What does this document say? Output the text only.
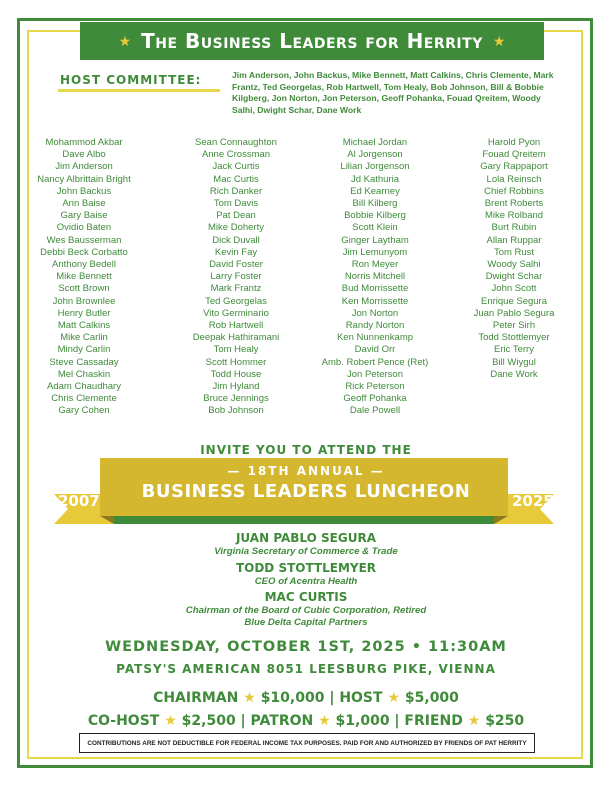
★ The Business Leaders for Herrity ★
HOST COMMITTEE:	Jim Anderson, John Backus, Mike Bennett, Matt Calkins, Chris Clemente, Mark Frantz, Ted Georgelas, Rob Hartwell, Tom Healy, Bob Johnson, Bill & Bobbie Kilgberg, Jon Norton, Jon Peterson, Geoff Pohanka, Fouad Qreitem, Woody Salhi, Dwight Schar, Dane Work
Mohammod Akbar
Dave Albo
Jim Anderson
Nancy Albrittain Bright
John Backus
Ann Baise
Gary Baise
Ovidio Baten
Wes Bausserman
Debbi Beck Corbatto
Anthony Bedell
Mike Bennett
Scott Brown
John Brownlee
Henry Butler
Matt Calkins
Mike Carlin
Mindy Carlin
Steve Cassaday
Mel Chaskin
Adam Chaudhary
Chris Clemente
Gary Cohen
Sean Connaughton
Anne Crossman
Jack Curtis
Mac Curtis
Rich Danker
Tom Davis
Pat Dean
Mike Doherty
Dick Duvall
Kevin Fay
David Foster
Larry Foster
Mark Frantz
Ted Georgelas
Vito Germinario
Rob Hartwell
Deepak Hathiramani
Tom Healy
Scott Hommer
Todd House
Jim Hyland
Bruce Jennings
Bob Johnson
Michael Jordan
Al Jorgenson
Lilian Jorgenson
Jd Kathuria
Ed Kearney
Bill Kilberg
Bobbie Kilberg
Scott Klein
Ginger Laytham
Jim Lemunyom
Ron Meyer
Norris Mitchell
Bud Morrissette
Ken Morrissette
Jon Norton
Randy Norton
Ken Nunnenkamp
David Orr
Amb. Robert Pence (Ret)
Jon Peterson
Rick Peterson
Geoff Pohanka
Dale Powell
Harold Pyon
Fouad Qreitem
Gary Rappaport
Lola Reinsch
Chief Robbins
Brent Roberts
Mike Rolband
Burt Rubin
Allan Ruppar
Tom Rust
Woody Salhi
Dwight Schar
John Scott
Enrique Segura
Juan Pablo Segura
Peter Sirh
Todd Stottlemyer
Eric Terry
Bill Wiygul
Dane Work
INVITE YOU TO ATTEND THE
— 18TH ANNUAL —
BUSINESS LEADERS LUNCHEON
2007	2025
JUAN PABLO SEGURA
Virginia Secretary of Commerce & Trade
TODD STOTTLEMYER
CEO of Acentra Health
MAC CURTIS
Chairman of the Board of Cubic Corporation, Retired
Blue Delta Capital Partners
WEDNESDAY, OCTOBER 1ST, 2025 • 11:30AM
PATSY'S AMERICAN 8051 LEESBURG PIKE, VIENNA
CHAIRMAN ★ $10,000 | HOST ★ $5,000
CO-HOST ★ $2,500 | PATRON ★ $1,000 | FRIEND ★ $250
CONTRIBUTIONS ARE NOT DEDUCTIBLE FOR FEDERAL INCOME TAX PURPOSES. PAID FOR AND AUTHORIZED BY FRIENDS OF PAT HERRITY
